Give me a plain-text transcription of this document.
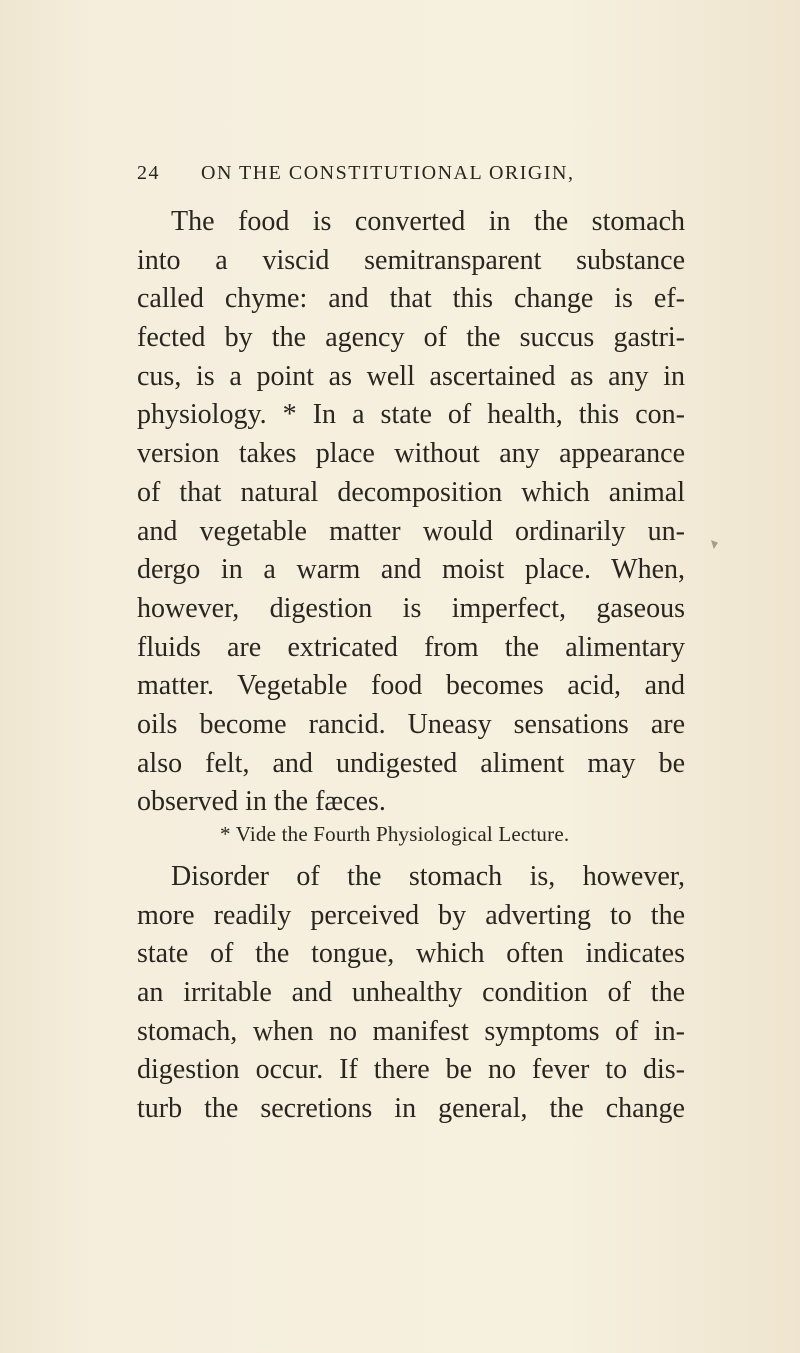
24 ON THE CONSTITUTIONAL ORIGIN,
The food is converted in the stomach
into a viscid semitransparent substance
called chyme: and that this change is ef-
fected by the agency of the succus gastri-
cus, is a point as well ascertained as any in
physiology. * In a state of health, this con-
version takes place without any appearance
of that natural decomposition which animal
and vegetable matter would ordinarily un-
dergo in a warm and moist place. When,
however, digestion is imperfect, gaseous
fluids are extricated from the alimentary
matter. Vegetable food becomes acid, and
oils become rancid. Uneasy sensations are
also felt, and undigested aliment may be
observed in the fæces.
Disorder of the stomach is, however,
more readily perceived by adverting to the
state of the tongue, which often indicates
an irritable and unhealthy condition of the
stomach, when no manifest symptoms of in-
digestion occur. If there be no fever to dis-
turb the secretions in general, the change
* Vide the Fourth Physiological Lecture.
